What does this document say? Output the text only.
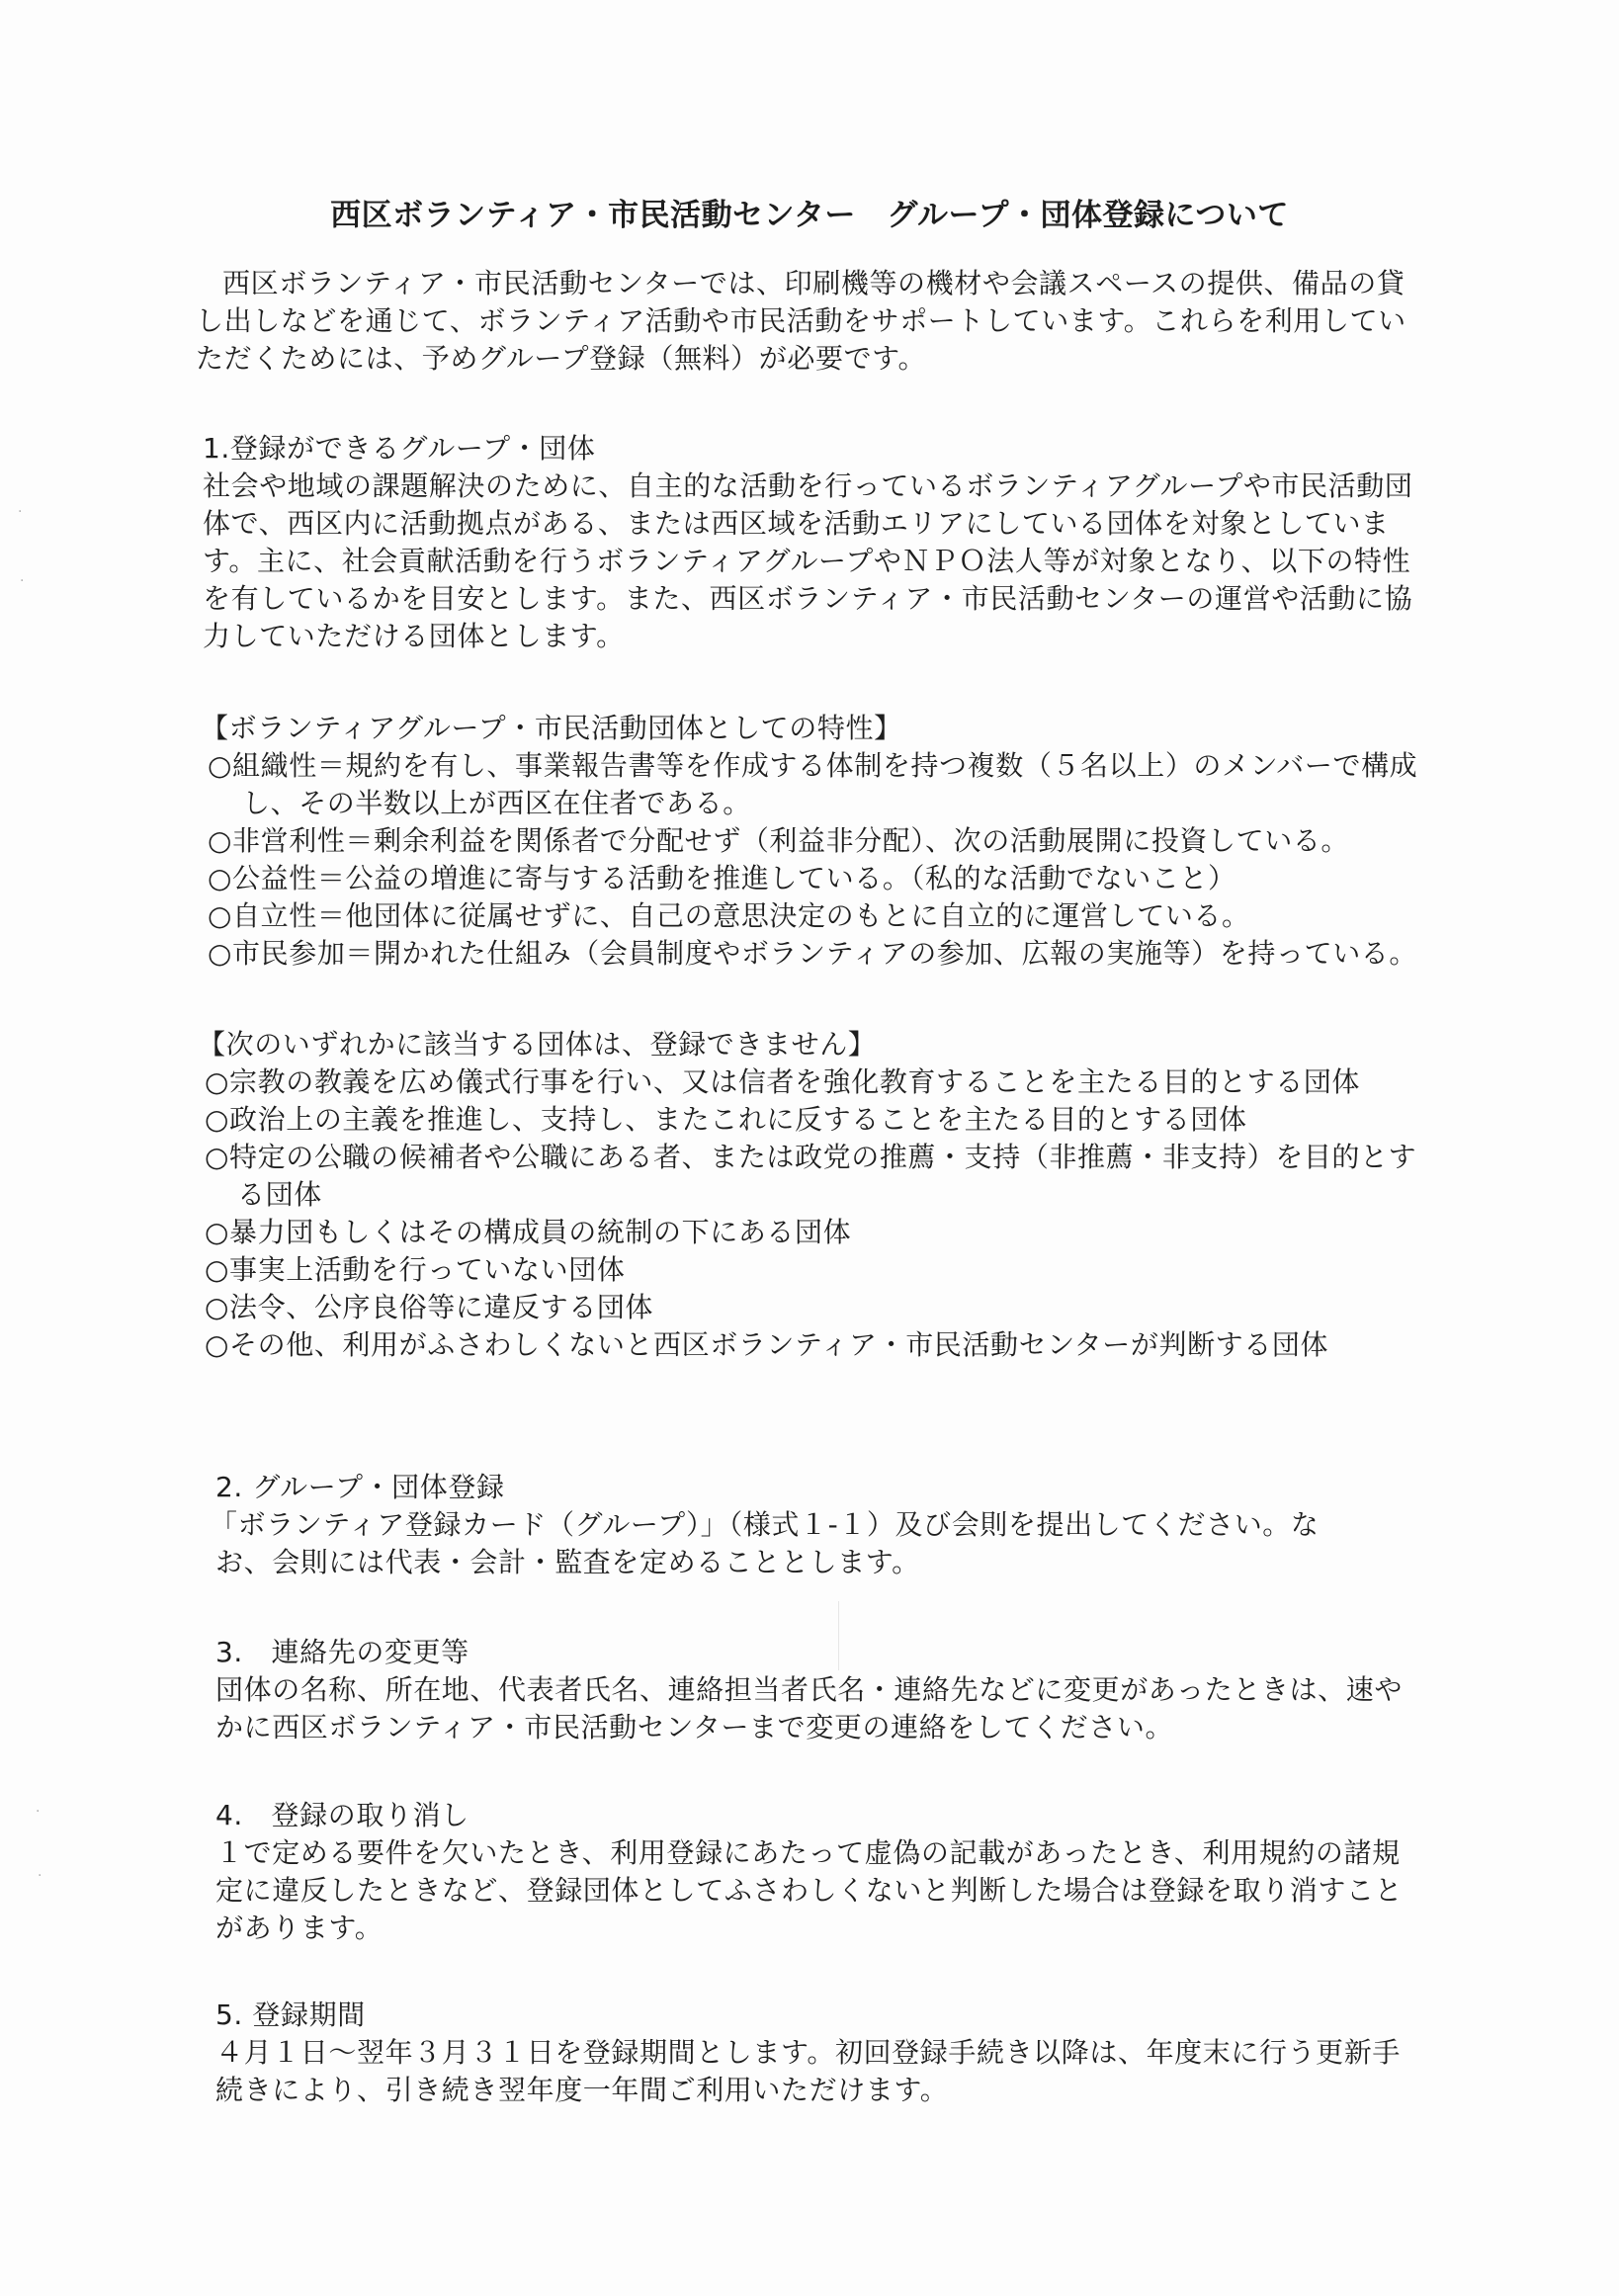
西区ボランティア・市民活動センター　グループ・団体登録について
西区ボランティア・市民活動センターでは、印刷機等の機材や会議スペースの提供、備品の貸
し出しなどを通じて、ボランティア活動や市民活動をサポートしています。これらを利用してい
ただくためには、予めグループ登録（無料）が必要です。
1.登録ができるグループ・団体
社会や地域の課題解決のために、自主的な活動を行っているボランティアグループや市民活動団
体で、西区内に活動拠点がある、または西区域を活動エリアにしている団体を対象としていま
す。主に、社会貢献活動を行うボランティアグループやＮＰＯ法人等が対象となり、以下の特性
を有しているかを目安とします。また、西区ボランティア・市民活動センターの運営や活動に協
力していただける団体とします。
【ボランティアグループ・市民活動団体としての特性】
○組織性＝規約を有し、事業報告書等を作成する体制を持つ複数（５名以上）のメンバーで構成
し、その半数以上が西区在住者である。
○非営利性＝剰余利益を関係者で分配せず（利益非分配）、次の活動展開に投資している。
○公益性＝公益の増進に寄与する活動を推進している。（私的な活動でないこと）
○自立性＝他団体に従属せずに、自己の意思決定のもとに自立的に運営している。
○市民参加＝開かれた仕組み（会員制度やボランティアの参加、広報の実施等）を持っている。
【次のいずれかに該当する団体は、登録できません】
○宗教の教義を広め儀式行事を行い、又は信者を強化教育することを主たる目的とする団体
○政治上の主義を推進し、支持し、またこれに反することを主たる目的とする団体
○特定の公職の候補者や公職にある者、または政党の推薦・支持（非推薦・非支持）を目的とす
る団体
○暴力団もしくはその構成員の統制の下にある団体
○事実上活動を行っていない団体
○法令、公序良俗等に違反する団体
○その他、利用がふさわしくないと西区ボランティア・市民活動センターが判断する団体
2. グループ・団体登録
「ボランティア登録カード（グループ）」（様式１-１）及び会則を提出してください。な
お、会則には代表・会計・監査を定めることとします。
3.　連絡先の変更等
団体の名称、所在地、代表者氏名、連絡担当者氏名・連絡先などに変更があったときは、速や
かに西区ボランティア・市民活動センターまで変更の連絡をしてください。
4.　登録の取り消し
１で定める要件を欠いたとき、利用登録にあたって虚偽の記載があったとき、利用規約の諸規
定に違反したときなど、登録団体としてふさわしくないと判断した場合は登録を取り消すこと
があります。
5. 登録期間
４月１日～翌年３月３１日を登録期間とします。初回登録手続き以降は、年度末に行う更新手
続きにより、引き続き翌年度一年間ご利用いただけます。
·
·
·
·
